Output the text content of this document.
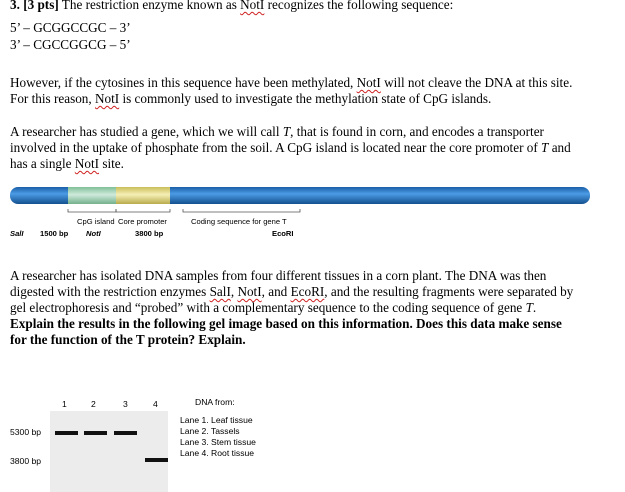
3. [3 pts] The restriction enzyme known as NotI recognizes the following sequence:
5’ – GCGGCCGC – 3’
3’ – CGCCGGCG – 5’
However, if the cytosines in this sequence have been methylated, NotI will not cleave the DNA at this site.
For this reason, NotI is commonly used to investigate the methylation state of CpG islands.
A researcher has studied a gene, which we will call T, that is found in corn, and encodes a transporter
involved in the uptake of phosphate from the soil. A CpG island is located near the core promoter of T and
has a single NotI site.
CpG island Core promoter	Coding sequence for gene T
SalI 1500 bp NotI	3800 bp	EcoRI
A researcher has isolated DNA samples from four different tissues in a corn plant. The DNA was then
digested with the restriction enzymes SalI, NotI, and EcoRI, and the resulting fragments were separated by
gel electrophoresis and “probed” with a complementary sequence to the coding sequence of gene T.
Explain the results in the following gel image based on this information. Does this data make sense
for the function of the T protein? Explain.
1	2	3	4
5300 bp
3800 bp
DNA from:
Lane 1. Leaf tissue
Lane 2. Tassels
Lane 3. Stem tissue
Lane 4. Root tissue
